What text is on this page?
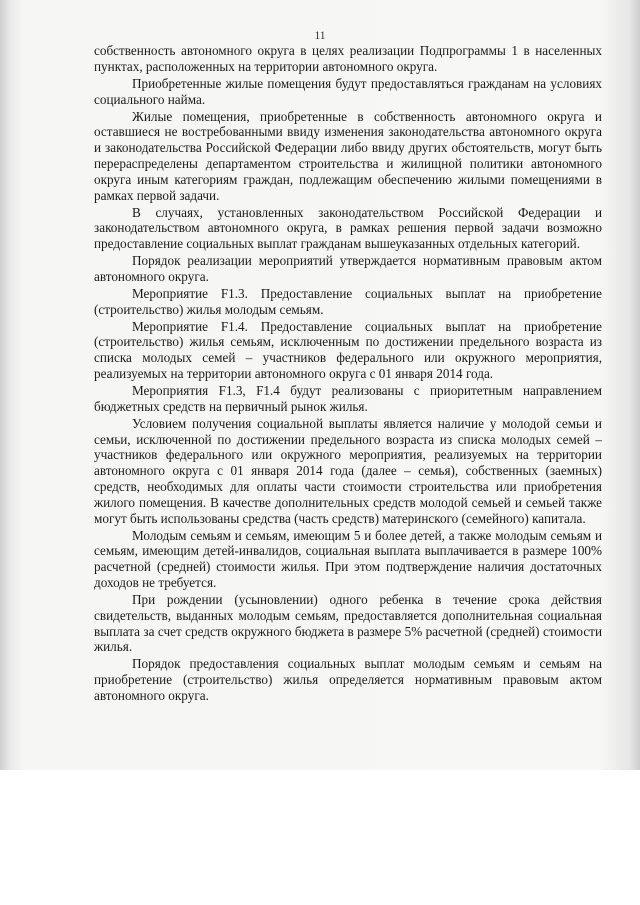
11

собственность автономного округа в целях реализации Подпрограммы 1 в населенных пунктах, расположенных на территории автономного округа.

Приобретенные жилые помещения будут предоставляться гражданам на условиях социального найма.

Жилые помещения, приобретенные в собственность автономного округа и оставшиеся не востребованными ввиду изменения законодательства автономного округа и законодательства Российской Федерации либо ввиду других обстоятельств, могут быть перераспределены департаментом строительства и жилищной политики автономного округа иным категориям граждан, подлежащим обеспечению жилыми помещениями в рамках первой задачи.

В случаях, установленных законодательством Российской Федерации и законодательством автономного округа, в рамках решения первой задачи возможно предоставление социальных выплат гражданам вышеуказанных отдельных категорий.

Порядок реализации мероприятий утверждается нормативным правовым актом автономного округа.

Мероприятие F1.3. Предоставление социальных выплат на приобретение (строительство) жилья молодым семьям.

Мероприятие F1.4. Предоставление социальных выплат на приобретение (строительство) жилья семьям, исключенным по достижении предельного возраста из списка молодых семей – участников федерального или окружного мероприятия, реализуемых на территории автономного округа с 01 января 2014 года.

Мероприятия F1.3, F1.4 будут реализованы с приоритетным направлением бюджетных средств на первичный рынок жилья.

Условием получения социальной выплаты является наличие у молодой семьи и семьи, исключенной по достижении предельного возраста из списка молодых семей – участников федерального или окружного мероприятия, реализуемых на территории автономного округа с 01 января 2014 года (далее – семья), собственных (заемных) средств, необходимых для оплаты части стоимости строительства или приобретения жилого помещения. В качестве дополнительных средств молодой семьей и семьей также могут быть использованы средства (часть средств) материнского (семейного) капитала.

Молодым семьям и семьям, имеющим 5 и более детей, а также молодым семьям и семьям, имеющим детей-инвалидов, социальная выплата выплачивается в размере 100% расчетной (средней) стоимости жилья. При этом подтверждение наличия достаточных доходов не требуется.

При рождении (усыновлении) одного ребенка в течение срока действия свидетельств, выданных молодым семьям, предоставляется дополнительная социальная выплата за счет средств окружного бюджета в размере 5% расчетной (средней) стоимости жилья.

Порядок предоставления социальных выплат молодым семьям и семьям на приобретение (строительство) жилья определяется нормативным правовым актом автономного округа.
